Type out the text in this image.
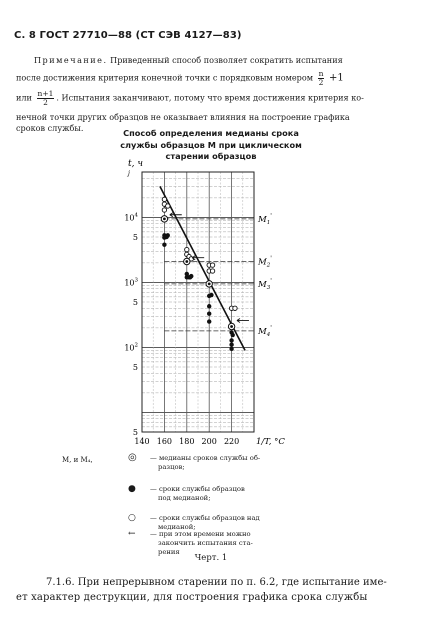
С. 8 ГОСТ 27710—88 (СТ СЭВ 4127—83)
Примечание. Приведенный способ позволяет сократить испытания
после достижения критерия конечной точки с порядковым номером $\frac{n}{2} +1$
или $\frac{n+1}{2}$ . Испытания заканчивают, потому что время достижения критерия ко-
нечной точки других образцов не оказывает влияния на построение графика
сроков службы.	Способ определения медианы срока
службы образцов М при циклическом
старении образцов
$M_1'$
$M_2'$
$M_3'$
$M_4'$
$10^4$
5
$10^3$
5
$10^2$
5
5
140 160 180 200 220
t, ч
j
1/T, °C
M, и M₄,	◎ — медианы сроков службы об-
разцов;
● — сроки службы образцов
под медианой;
○ — сроки службы образцов над
медианой;
← — при этом времени можно
закончить испытания ста-
рения
Черт. 1
7.1.6. При непрерывном старении по п. 6.2, где испытание име-
ет характер деструкции, для построения графика срока службы
